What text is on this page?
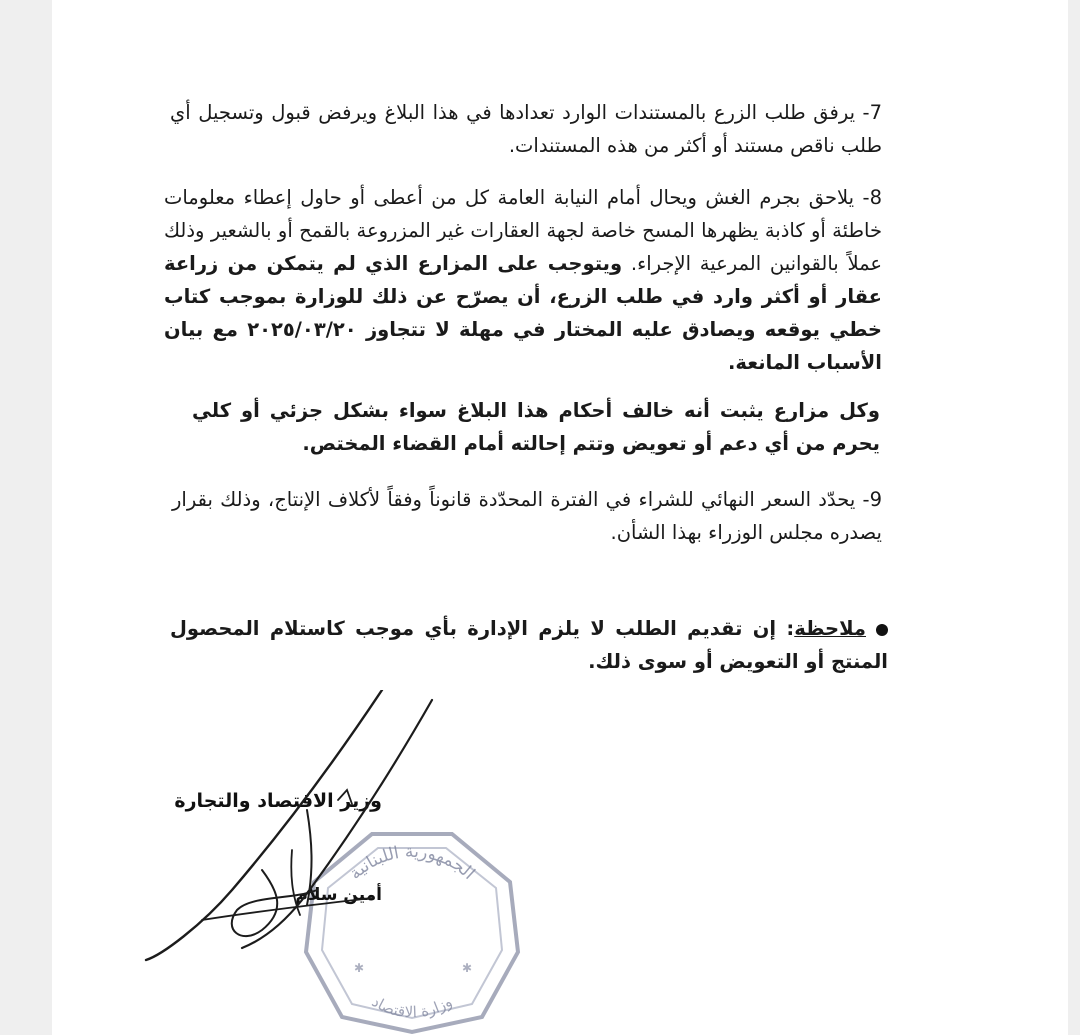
7- يرفق طلب الزرع بالمستندات الوارد تعدادها في هذا البلاغ ويرفض قبول وتسجيل أي طلب ناقص مستند أو أكثر من هذه المستندات.

8- يلاحق بجرم الغش ويحال أمام النيابة العامة كل من أعطى أو حاول إعطاء معلومات خاطئة أو كاذبة يظهرها المسح خاصة لجهة العقارات غير المزروعة بالقمح أو بالشعير وذلك عملاً بالقوانين المرعية الإجراء. ويتوجب على المزارع الذي لم يتمكن من زراعة عقار أو أكثر وارد في طلب الزرع، أن يصرّح عن ذلك للوزارة بموجب كتاب خطي يوقعه ويصادق عليه المختار في مهلة لا تتجاوز ٢٠٢٥/٠٣/٢٠ مع بيان الأسباب المانعة.

وكل مزارع يثبت أنه خالف أحكام هذا البلاغ سواء بشكل جزئي أو كلي يحرم من أي دعم أو تعويض وتتم إحالته أمام القضاء المختص.

9- يحدّد السعر النهائي للشراء في الفترة المحدّدة قانوناً وفقاً لأكلاف الإنتاج، وذلك بقرار يصدره مجلس الوزراء بهذا الشأن.

ملاحظة: إن تقديم الطلب لا يلزم الإدارة بأي موجب كاستلام المحصول المنتج أو التعويض أو سوى ذلك.

الجمهورية اللبنانية
وزارة الاقتصاد
✱	✱
وزير الاقتصاد والتجارة
أمين سلام
